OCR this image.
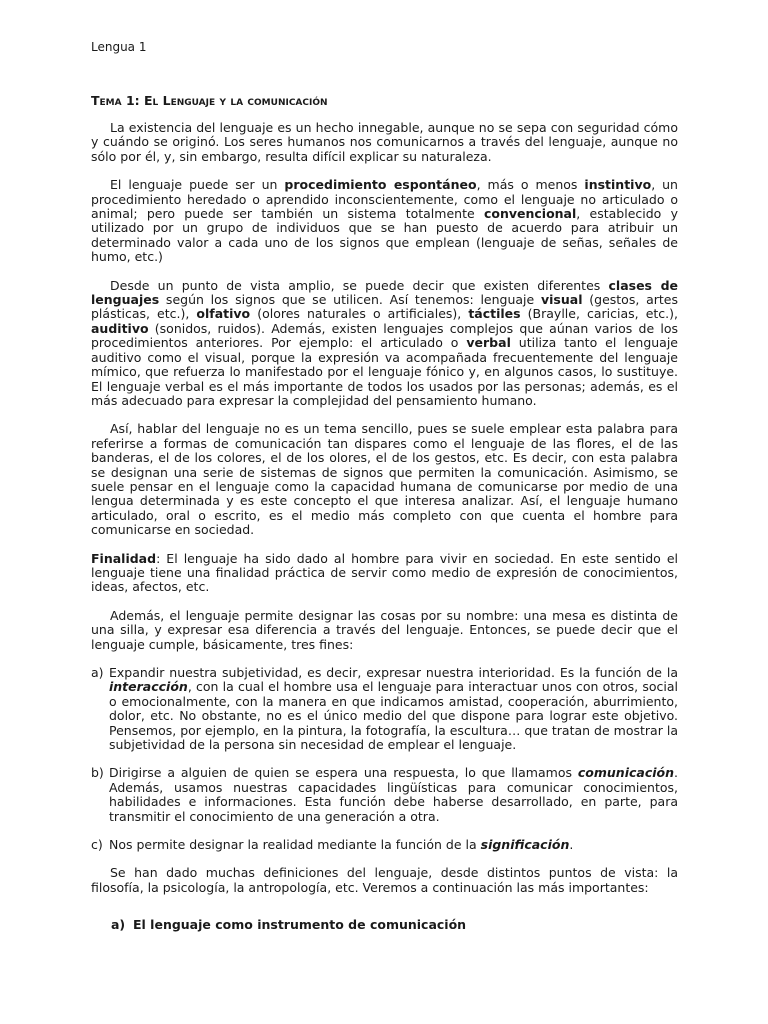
Lengua 1
Tema 1: El Lenguaje y la comunicación

La existencia del lenguaje es un hecho innegable, aunque no se sepa con seguridad cómo y cuándo se originó. Los seres humanos nos comunicarnos a través del lenguaje, aunque no sólo por él, y, sin embargo, resulta difícil explicar su naturaleza.

El lenguaje puede ser un procedimiento espontáneo, más o menos instintivo, un procedimiento heredado o aprendido inconscientemente, como el lenguaje no articulado o animal; pero puede ser también un sistema totalmente convencional, establecido y utilizado por un grupo de individuos que se han puesto de acuerdo para atribuir un determinado valor a cada uno de los signos que emplean (lenguaje de señas, señales de humo, etc.)

Desde un punto de vista amplio, se puede decir que existen diferentes clases de lenguajes según los signos que se utilicen. Así tenemos: lenguaje visual (gestos, artes plásticas, etc.), olfativo (olores naturales o artificiales), táctiles (Braylle, caricias, etc.), auditivo (sonidos, ruidos). Además, existen lenguajes complejos que aúnan varios de los procedimientos anteriores. Por ejemplo: el articulado o verbal utiliza tanto el lenguaje auditivo como el visual, porque la expresión va acompañada frecuentemente del lenguaje mímico, que refuerza lo manifestado por el lenguaje fónico y, en algunos casos, lo sustituye. El lenguaje verbal es el más importante de todos los usados por las personas; además, es el más adecuado para expresar la complejidad del pensamiento humano.

Así, hablar del lenguaje no es un tema sencillo, pues se suele emplear esta palabra para referirse a formas de comunicación tan dispares como el lenguaje de las flores, el de las banderas, el de los colores, el de los olores, el de los gestos, etc. Es decir, con esta palabra se designan una serie de sistemas de signos que permiten la comunicación. Asimismo, se suele pensar en el lenguaje como la capacidad humana de comunicarse por medio de una lengua determinada y es este concepto el que interesa analizar. Así, el lenguaje humano articulado, oral o escrito, es el medio más completo con que cuenta el hombre para comunicarse en sociedad.

Finalidad: El lenguaje ha sido dado al hombre para vivir en sociedad. En este sentido el lenguaje tiene una finalidad práctica de servir como medio de expresión de conocimientos, ideas, afectos, etc.

Además, el lenguaje permite designar las cosas por su nombre: una mesa es distinta de una silla, y expresar esa diferencia a través del lenguaje. Entonces, se puede decir que el lenguaje cumple, básicamente, tres fines:

a) Expandir nuestra subjetividad, es decir, expresar nuestra interioridad. Es la función de la interacción, con la cual el hombre usa el lenguaje para interactuar unos con otros, social o emocionalmente, con la manera en que indicamos amistad, cooperación, aburrimiento, dolor, etc. No obstante, no es el único medio del que dispone para lograr este objetivo. Pensemos, por ejemplo, en la pintura, la fotografía, la escultura… que tratan de mostrar la subjetividad de la persona sin necesidad de emplear el lenguaje.
b) Dirigirse a alguien de quien se espera una respuesta, lo que llamamos comunicación. Además, usamos nuestras capacidades lingüísticas para comunicar conocimientos, habilidades e informaciones. Esta función debe haberse desarrollado, en parte, para transmitir el conocimiento de una generación a otra.
c) Nos permite designar la realidad mediante la función de la significación.

Se han dado muchas definiciones del lenguaje, desde distintos puntos de vista: la filosofía, la psicología, la antropología, etc. Veremos a continuación las más importantes:

a) El lenguaje como instrumento de comunicación
